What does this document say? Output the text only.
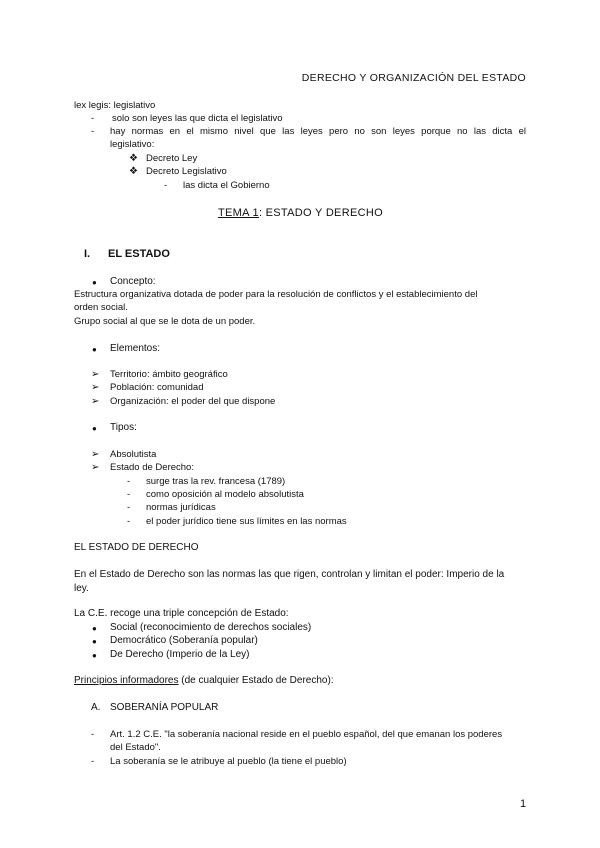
DERECHO Y ORGANIZACIÓN DEL ESTADO
lex legis: legislativo
- solo son leyes las que dicta el legislativo
- hay normas en el mismo nivel que las leyes pero no son leyes porque no las dicta el
legislativo:
❖ Decreto Ley
❖ Decreto Legislativo
- las dicta el Gobierno
TEMA 1: ESTADO Y DERECHO
I. EL ESTADO
● Concepto:
Estructura organizativa dotada de poder para la resolución de conflictos y el establecimiento del
orden social.
Grupo social al que se le dota de un poder.
● Elementos:
➢ Territorio: ámbito geográfico
➢ Población: comunidad
➢ Organización: el poder del que dispone
● Tipos:
➢ Absolutista
➢ Estado de Derecho:
- surge tras la rev. francesa (1789)
- como oposición al modelo absolutista
- normas jurídicas
- el poder jurídico tiene sus límites en las normas
EL ESTADO DE DERECHO
En el Estado de Derecho son las normas las que rigen, controlan y limitan el poder: Imperio de la
ley.
La C.E. recoge una triple concepción de Estado:
● Social (reconocimiento de derechos sociales)
● Democrático (Soberanía popular)
● De Derecho (Imperio de la Ley)
Principios informadores (de cualquier Estado de Derecho):
A. SOBERANÍA POPULAR
- Art. 1.2 C.E. "la soberanía nacional reside en el pueblo español, del que emanan los poderes
del Estado".
- La soberanía se le atribuye al pueblo (la tiene el pueblo)
1
